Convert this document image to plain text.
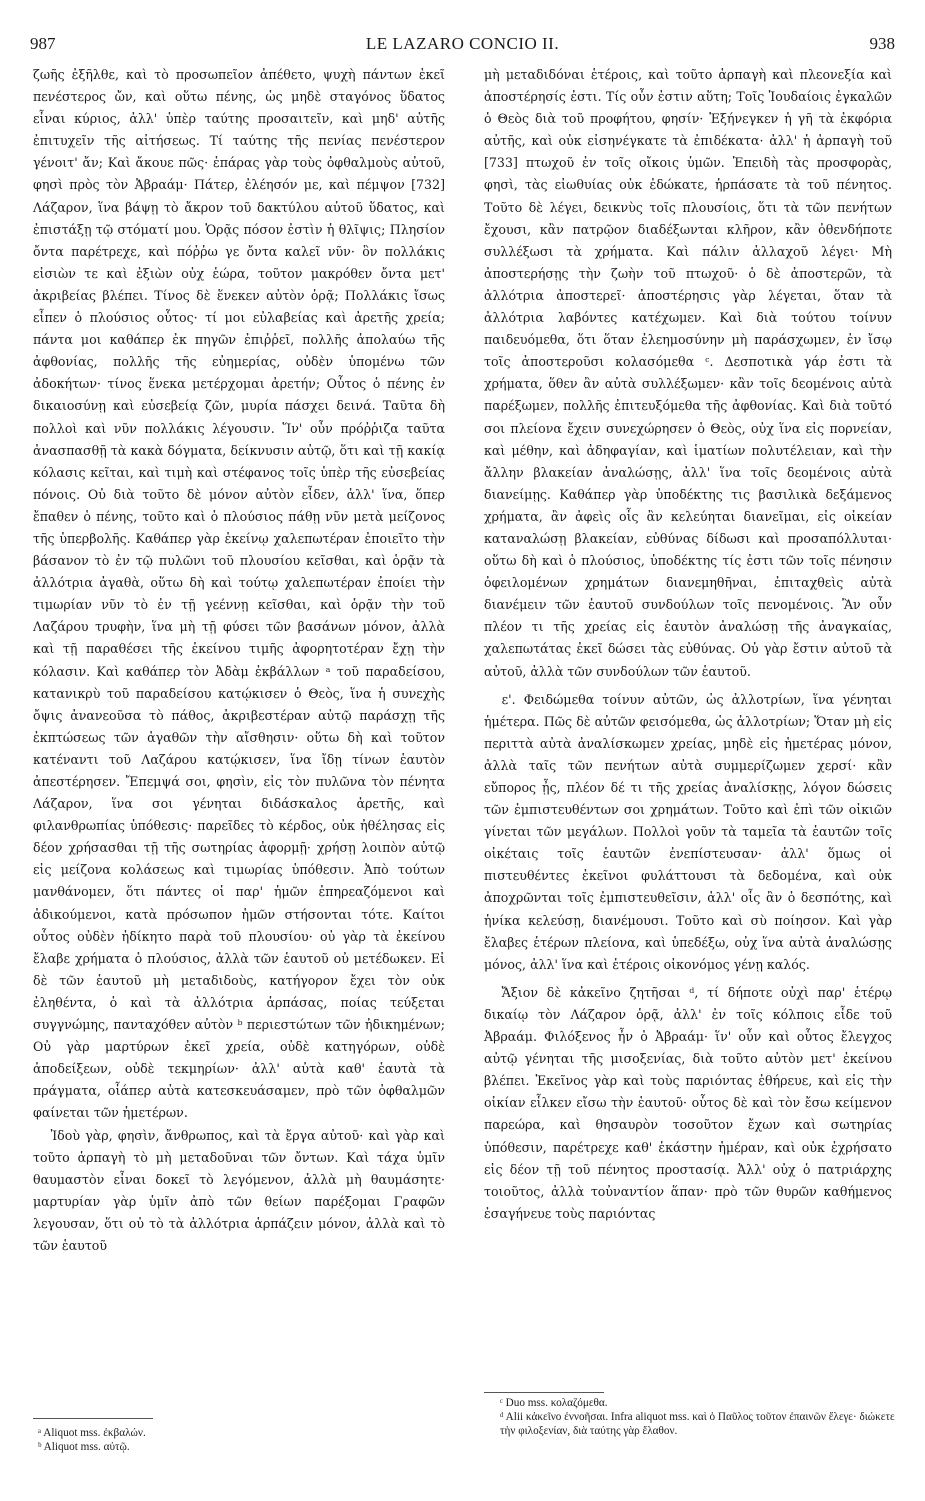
987	LE LAZARO CONCIO II.	938

ζωῆς ἐξῆλθε, καὶ τὸ προσωπεῖον ἀπέθετο, ψυχὴ πάντων ἐκεῖ πενέστερος ὤν, καὶ οὕτω πένης, ὡς μηδὲ σταγόνος ὕδατος εἶναι κύριος, ἀλλ' ὑπὲρ ταύτης προσαιτεῖν, καὶ μηδ' αὐτῆς ἐπιτυχεῖν τῆς αἰτήσεως. Τί ταύτης τῆς πενίας πενέστερον γένοιτ' ἄν; Καὶ ἄκουε πῶς· ἐπάρας γὰρ τοὺς ὀφθαλμοὺς αὐτοῦ, φησὶ πρὸς τὸν Ἀβραάμ· Πάτερ, ἐλέησόν με, καὶ πέμψον [732] Λάζαρον, ἵνα βάψῃ τὸ ἄκρον τοῦ δακτύλου αὐτοῦ ὕδατος, καὶ ἐπιστάξῃ τῷ στόματί μου. Ὁρᾷς πόσον ἐστὶν ἡ θλῖψις; Πλησίον ὄντα παρέτρεχε, καὶ πόῤῥω γε ὄντα καλεῖ νῦν· ὃν πολλάκις εἰσιὼν τε καὶ ἐξιὼν οὐχ ἑώρα, τοῦτον μακρόθεν ὄντα μετ' ἀκριβείας βλέπει. Τίνος δὲ ἕνεκεν αὐτὸν ὁρᾷ; Πολλάκις ἴσως εἶπεν ὁ πλούσιος οὗτος· τί μοι εὐλαβείας καὶ ἀρετῆς χρεία; πάντα μοι καθάπερ ἐκ πηγῶν ἐπιῤῥεῖ, πολλῆς ἀπολαύω τῆς ἀφθονίας, πολλῆς τῆς εὐημερίας, οὐδὲν ὑπομένω τῶν ἀδοκήτων· τίνος ἕνεκα μετέρχομαι ἀρετήν; Οὗτος ὁ πένης ἐν δικαιοσύνῃ καὶ εὐσεβείᾳ ζῶν, μυρία πάσχει δεινά. Ταῦτα δὴ πολλοὶ καὶ νῦν πολλάκις λέγουσιν. Ἵν' οὖν πρόῤῥιζα ταῦτα ἀνασπασθῇ τὰ κακὰ δόγματα, δείκνυσιν αὐτῷ, ὅτι καὶ τῇ κακίᾳ κόλασις κεῖται, καὶ τιμὴ καὶ στέφανος τοῖς ὑπὲρ τῆς εὐσεβείας πόνοις. Οὐ διὰ τοῦτο δὲ μόνον αὐτὸν εἶδεν, ἀλλ' ἵνα, ὅπερ ἔπαθεν ὁ πένης, τοῦτο καὶ ὁ πλούσιος πάθῃ νῦν μετὰ μείζονος τῆς ὑπερβολῆς. Καθάπερ γὰρ ἐκείνῳ χαλεπωτέραν ἐποιεῖτο τὴν βάσανον τὸ ἐν τῷ πυλῶνι τοῦ πλουσίου κεῖσθαι, καὶ ὁρᾷν τὰ ἀλλότρια ἀγαθὰ, οὕτω δὴ καὶ τούτῳ χαλεπωτέραν ἐποίει τὴν τιμωρίαν νῦν τὸ ἐν τῇ γεέννῃ κεῖσθαι, καὶ ὁρᾷν τὴν τοῦ Λαζάρου τρυφὴν, ἵνα μὴ τῇ φύσει τῶν βασάνων μόνον, ἀλλὰ καὶ τῇ παραθέσει τῆς ἐκείνου τιμῆς ἀφορητοτέραν ἔχῃ τὴν κόλασιν. Καὶ καθάπερ τὸν Ἀδὰμ ἐκβάλλων ᵃ τοῦ παραδείσου, κατανικρὺ τοῦ παραδείσου κατῴκισεν ὁ Θεὸς, ἵνα ἡ συνεχὴς ὄψις ἀνανεοῦσα τὸ πάθος, ἀκριβεστέραν αὐτῷ παράσχῃ τῆς ἐκπτώσεως τῶν ἀγαθῶν τὴν αἴσθησιν· οὕτω δὴ καὶ τοῦτον κατέναντι τοῦ Λαζάρου κατῴκισεν, ἵνα ἴδῃ τίνων ἑαυτὸν ἀπεστέρησεν. Ἔπεμψά σοι, φησὶν, εἰς τὸν πυλῶνα τὸν πένητα Λάζαρον, ἵνα σοι γένηται διδάσκαλος ἀρετῆς, καὶ φιλανθρωπίας ὑπόθεσις· παρεῖδες τὸ κέρδος, οὐκ ἠθέλησας εἰς δέον χρήσασθαι τῇ τῆς σωτηρίας ἀφορμῇ· χρήσῃ λοιπὸν αὐτῷ εἰς μείζονα κολάσεως καὶ τιμωρίας ὑπόθεσιν. Ἀπὸ τούτων μανθάνομεν, ὅτι πάντες οἱ παρ' ἡμῶν ἐπηρεαζόμενοι καὶ ἀδικούμενοι, κατὰ πρόσωπον ἡμῶν στήσονται τότε. Καίτοι οὗτος οὐδὲν ἠδίκητο παρὰ τοῦ πλουσίου· οὐ γὰρ τὰ ἐκείνου ἔλαβε χρήματα ὁ πλούσιος, ἀλλὰ τῶν ἑαυτοῦ οὐ μετέδωκεν. Εἰ δὲ τῶν ἑαυτοῦ μὴ μεταδιδοὺς, κατήγορον ἔχει τὸν οὐκ ἐληθέντα, ὁ καὶ τὰ ἀλλότρια ἁρπάσας, ποίας τεύξεται συγγνώμης, πανταχόθεν αὐτὸν ᵇ περιεστώτων τῶν ἠδικημένων; Οὐ γὰρ μαρτύρων ἐκεῖ χρεία, οὐδὲ κατηγόρων, οὐδὲ ἀποδείξεων, οὐδὲ τεκμηρίων· ἀλλ' αὐτὰ καθ' ἑαυτὰ τὰ πράγματα, οἷάπερ αὐτὰ κατεσκευάσαμεν, πρὸ τῶν ὀφθαλμῶν φαίνεται τῶν ἡμετέρων.

Ἰδοὺ γὰρ, φησὶν, ἄνθρωπος, καὶ τὰ ἔργα αὐτοῦ· καὶ γὰρ καὶ τοῦτο ἁρπαγὴ τὸ μὴ μεταδοῦναι τῶν ὄντων. Καὶ τάχα ὑμῖν θαυμαστὸν εἶναι δοκεῖ τὸ λεγόμενον, ἀλλὰ μὴ θαυμάσητε· μαρτυρίαν γὰρ ὑμῖν ἀπὸ τῶν θείων παρέξομαι Γραφῶν λεγουσαν, ὅτι οὐ τὸ τὰ ἀλλότρια ἁρπάζειν μόνον, ἀλλὰ καὶ τὸ τῶν ἑαυτοῦ

μὴ μεταδιδόναι ἑτέροις, καὶ τοῦτο ἁρπαγὴ καὶ πλεονεξία καὶ ἀποστέρησίς ἐστι. Τίς οὖν ἐστιν αὕτη; Τοῖς Ἰουδαίοις ἐγκαλῶν ὁ Θεὸς διὰ τοῦ προφήτου, φησίν· Ἐξήνεγκεν ἡ γῆ τὰ ἐκφόρια αὐτῆς, καὶ οὐκ εἰσηνέγκατε τὰ ἐπιδέκατα· ἀλλ' ἡ ἁρπαγὴ τοῦ [733] πτωχοῦ ἐν τοῖς οἴκοις ὑμῶν. Ἐπειδὴ τὰς προσφορὰς, φησὶ, τὰς εἰωθυίας οὐκ ἐδώκατε, ἡρπάσατε τὰ τοῦ πένητος. Τοῦτο δὲ λέγει, δεικνὺς τοῖς πλουσίοις, ὅτι τὰ τῶν πενήτων ἔχουσι, κἂν πατρῷον διαδέξωνται κλῆρον, κἂν ὀθενδήποτε συλλέξωσι τὰ χρήματα. Καὶ πάλιν ἀλλαχοῦ λέγει· Μὴ ἀποστερήσῃς τὴν ζωὴν τοῦ πτωχοῦ· ὁ δὲ ἀποστερῶν, τὰ ἀλλότρια ἀποστερεῖ· ἀποστέρησις γὰρ λέγεται, ὅταν τὰ ἀλλότρια λαβόντες κατέχωμεν. Καὶ διὰ τούτου τοίνυν παιδευόμεθα, ὅτι ὅταν ἐλεημοσύνην μὴ παράσχωμεν, ἐν ἴσῳ τοῖς ἀποστεροῦσι κολασόμεθα ᶜ. Δεσποτικὰ γάρ ἐστι τὰ χρήματα, ὅθεν ἂν αὐτὰ συλλέξωμεν· κἂν τοῖς δεομένοις αὐτὰ παρέξωμεν, πολλῆς ἐπιτευξόμεθα τῆς ἀφθονίας. Καὶ διὰ τοῦτό σοι πλείονα ἔχειν συνεχώρησεν ὁ Θεὸς, οὐχ ἵνα εἰς πορνείαν, καὶ μέθην, καὶ ἀδηφαγίαν, καὶ ἱματίων πολυτέλειαν, καὶ τὴν ἄλλην βλακείαν ἀναλώσῃς, ἀλλ' ἵνα τοῖς δεομένοις αὐτὰ διανείμῃς. Καθάπερ γὰρ ὑποδέκτης τις βασιλικὰ δεξάμενος χρήματα, ἂν ἀφεὶς οἷς ἂν κελεύηται διανεῖμαι, εἰς οἰκείαν καταναλώσῃ βλακείαν, εὐθύνας δίδωσι καὶ προσαπόλλυται· οὕτω δὴ καὶ ὁ πλούσιος, ὑποδέκτης τίς ἐστι τῶν τοῖς πένησιν ὀφειλομένων χρημάτων διανεμηθῆναι, ἐπιταχθεὶς αὐτὰ διανέμειν τῶν ἑαυτοῦ συνδούλων τοῖς πενομένοις. Ἂν οὖν πλέον τι τῆς χρείας εἰς ἑαυτὸν ἀναλώσῃ τῆς ἀναγκαίας, χαλεπωτάτας ἐκεῖ δώσει τὰς εὐθύνας. Οὐ γὰρ ἔστιν αὐτοῦ τὰ αὐτοῦ, ἀλλὰ τῶν συνδούλων τῶν ἑαυτοῦ.

ε'. Φειδώμεθα τοίνυν αὐτῶν, ὡς ἀλλοτρίων, ἵνα γένηται ἡμέτερα. Πῶς δὲ αὐτῶν φεισόμεθα, ὡς ἀλλοτρίων; Ὅταν μὴ εἰς περιττὰ αὐτὰ ἀναλίσκωμεν χρείας, μηδὲ εἰς ἡμετέρας μόνον, ἀλλὰ ταῖς τῶν πενήτων αὐτὰ συμμερίζωμεν χερσί· κἂν εὔπορος ᾖς, πλέον δέ τι τῆς χρείας ἀναλίσκῃς, λόγον δώσεις τῶν ἐμπιστευθέντων σοι χρημάτων. Τοῦτο καὶ ἐπὶ τῶν οἰκιῶν γίνεται τῶν μεγάλων. Πολλοὶ γοῦν τὰ ταμεῖα τὰ ἑαυτῶν τοῖς οἰκέταις τοῖς ἑαυτῶν ἐνεπίστευσαν· ἀλλ' ὅμως οἱ πιστευθέντες ἐκεῖνοι φυλάττουσι τὰ δεδομένα, καὶ οὐκ ἀποχρῶνται τοῖς ἐμπιστευθεῖσιν, ἀλλ' οἷς ἂν ὁ δεσπότης, καὶ ἡνίκα κελεύσῃ, διανέμουσι. Τοῦτο καὶ σὺ ποίησον. Καὶ γὰρ ἔλαβες ἑτέρων πλείονα, καὶ ὑπεδέξω, οὐχ ἵνα αὐτὰ ἀναλώσῃς μόνος, ἀλλ' ἵνα καὶ ἑτέροις οἰκονόμος γένῃ καλός.

Ἄξιον δὲ κἀκεῖνο ζητῆσαι ᵈ, τί δήποτε οὐχὶ παρ' ἑτέρῳ δικαίῳ τὸν Λάζαρον ὁρᾷ, ἀλλ' ἐν τοῖς κόλποις εἶδε τοῦ Ἀβραάμ. Φιλόξενος ἦν ὁ Ἀβραάμ· ἵν' οὖν καὶ οὗτος ἔλεγχος αὐτῷ γένηται τῆς μισοξενίας, διὰ τοῦτο αὐτὸν μετ' ἐκείνου βλέπει. Ἐκεῖνος γὰρ καὶ τοὺς παριόντας ἐθήρευε, καὶ εἰς τὴν οἰκίαν εἷλκεν εἴσω τὴν ἑαυτοῦ· οὗτος δὲ καὶ τὸν ἔσω κείμενον παρεώρα, καὶ θησαυρὸν τοσοῦτον ἔχων καὶ σωτηρίας ὑπόθεσιν, παρέτρεχε καθ' ἑκάστην ἡμέραν, καὶ οὐκ ἐχρήσατο εἰς δέον τῇ τοῦ πένητος προστασίᾳ. Ἀλλ' οὐχ ὁ πατριάρχης τοιοῦτος, ἀλλὰ τοὐναντίον ἅπαν· πρὸ τῶν θυρῶν καθήμενος ἐσαγήνευε τοὺς παριόντας

ᵃ Aliquot mss. ἐκβαλών.
ᵇ Aliquot mss. αὐτῷ.
ᶜ Duo mss. κολαζόμεθα.
ᵈ Alii κἀκεῖνο ἐννοῆσαι. Infra aliquot mss. καὶ ὁ Παῦλος τοῦτον ἐπαινῶν ἔλεγε· διώκετε τὴν φιλοξενίαν, διὰ ταύτης γὰρ ἔλαθον.
